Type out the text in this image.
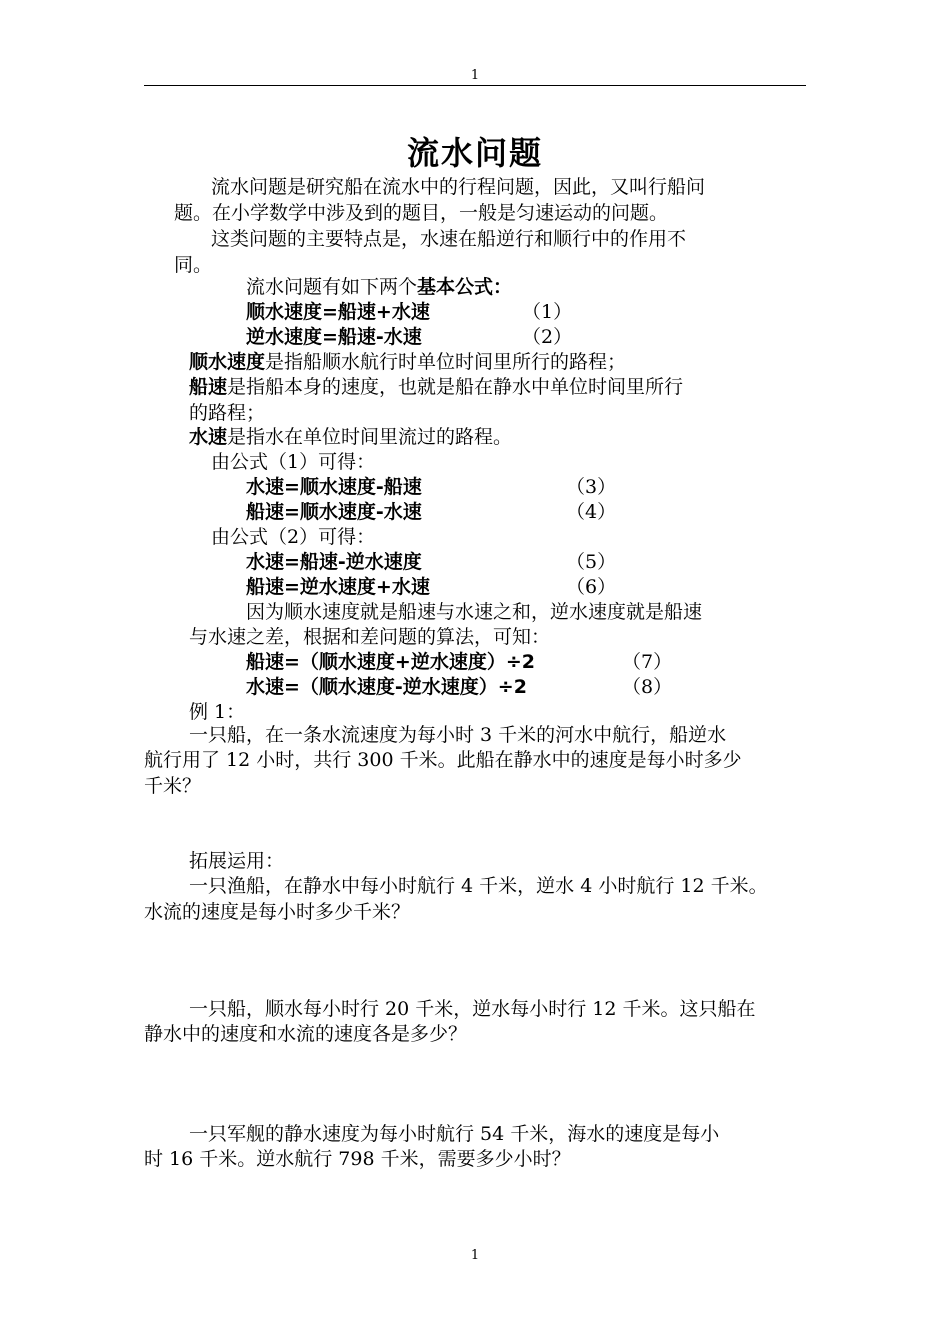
1
流水问题
流水问题是研究船在流水中的行程问题，因此，又叫行船问
题。在小学数学中涉及到的题目，一般是匀速运动的问题。
这类问题的主要特点是，水速在船逆行和顺行中的作用不
同。
流水问题有如下两个基本公式：
顺水速度=船速+水速	（1）
逆水速度=船速-水速	（2）
顺水速度是指船顺水航行时单位时间里所行的路程；
船速是指船本身的速度，也就是船在静水中单位时间里所行
的路程；
水速是指水在单位时间里流过的路程。
由公式（1）可得：
水速=顺水速度-船速	（3）
船速=顺水速度-水速	（4）
由公式（2）可得：
水速=船速-逆水速度	（5）
船速=逆水速度+水速	（6）
因为顺水速度就是船速与水速之和，逆水速度就是船速
与水速之差，根据和差问题的算法，可知：
船速=（顺水速度+逆水速度）÷2	（7）
水速=（顺水速度-逆水速度）÷2	（8）
例 1：
一只船，在一条水流速度为每小时 3 千米的河水中航行，船逆水
航行用了 12 小时，共行 300 千米。此船在静水中的速度是每小时多少
千米？
拓展运用：
一只渔船，在静水中每小时航行 4 千米，逆水 4 小时航行 12 千米。
水流的速度是每小时多少千米？
一只船，顺水每小时行 20 千米，逆水每小时行 12 千米。这只船在
静水中的速度和水流的速度各是多少？
一只军舰的静水速度为每小时航行 54 千米，海水的速度是每小
时 16 千米。逆水航行 798 千米，需要多少小时？
1
